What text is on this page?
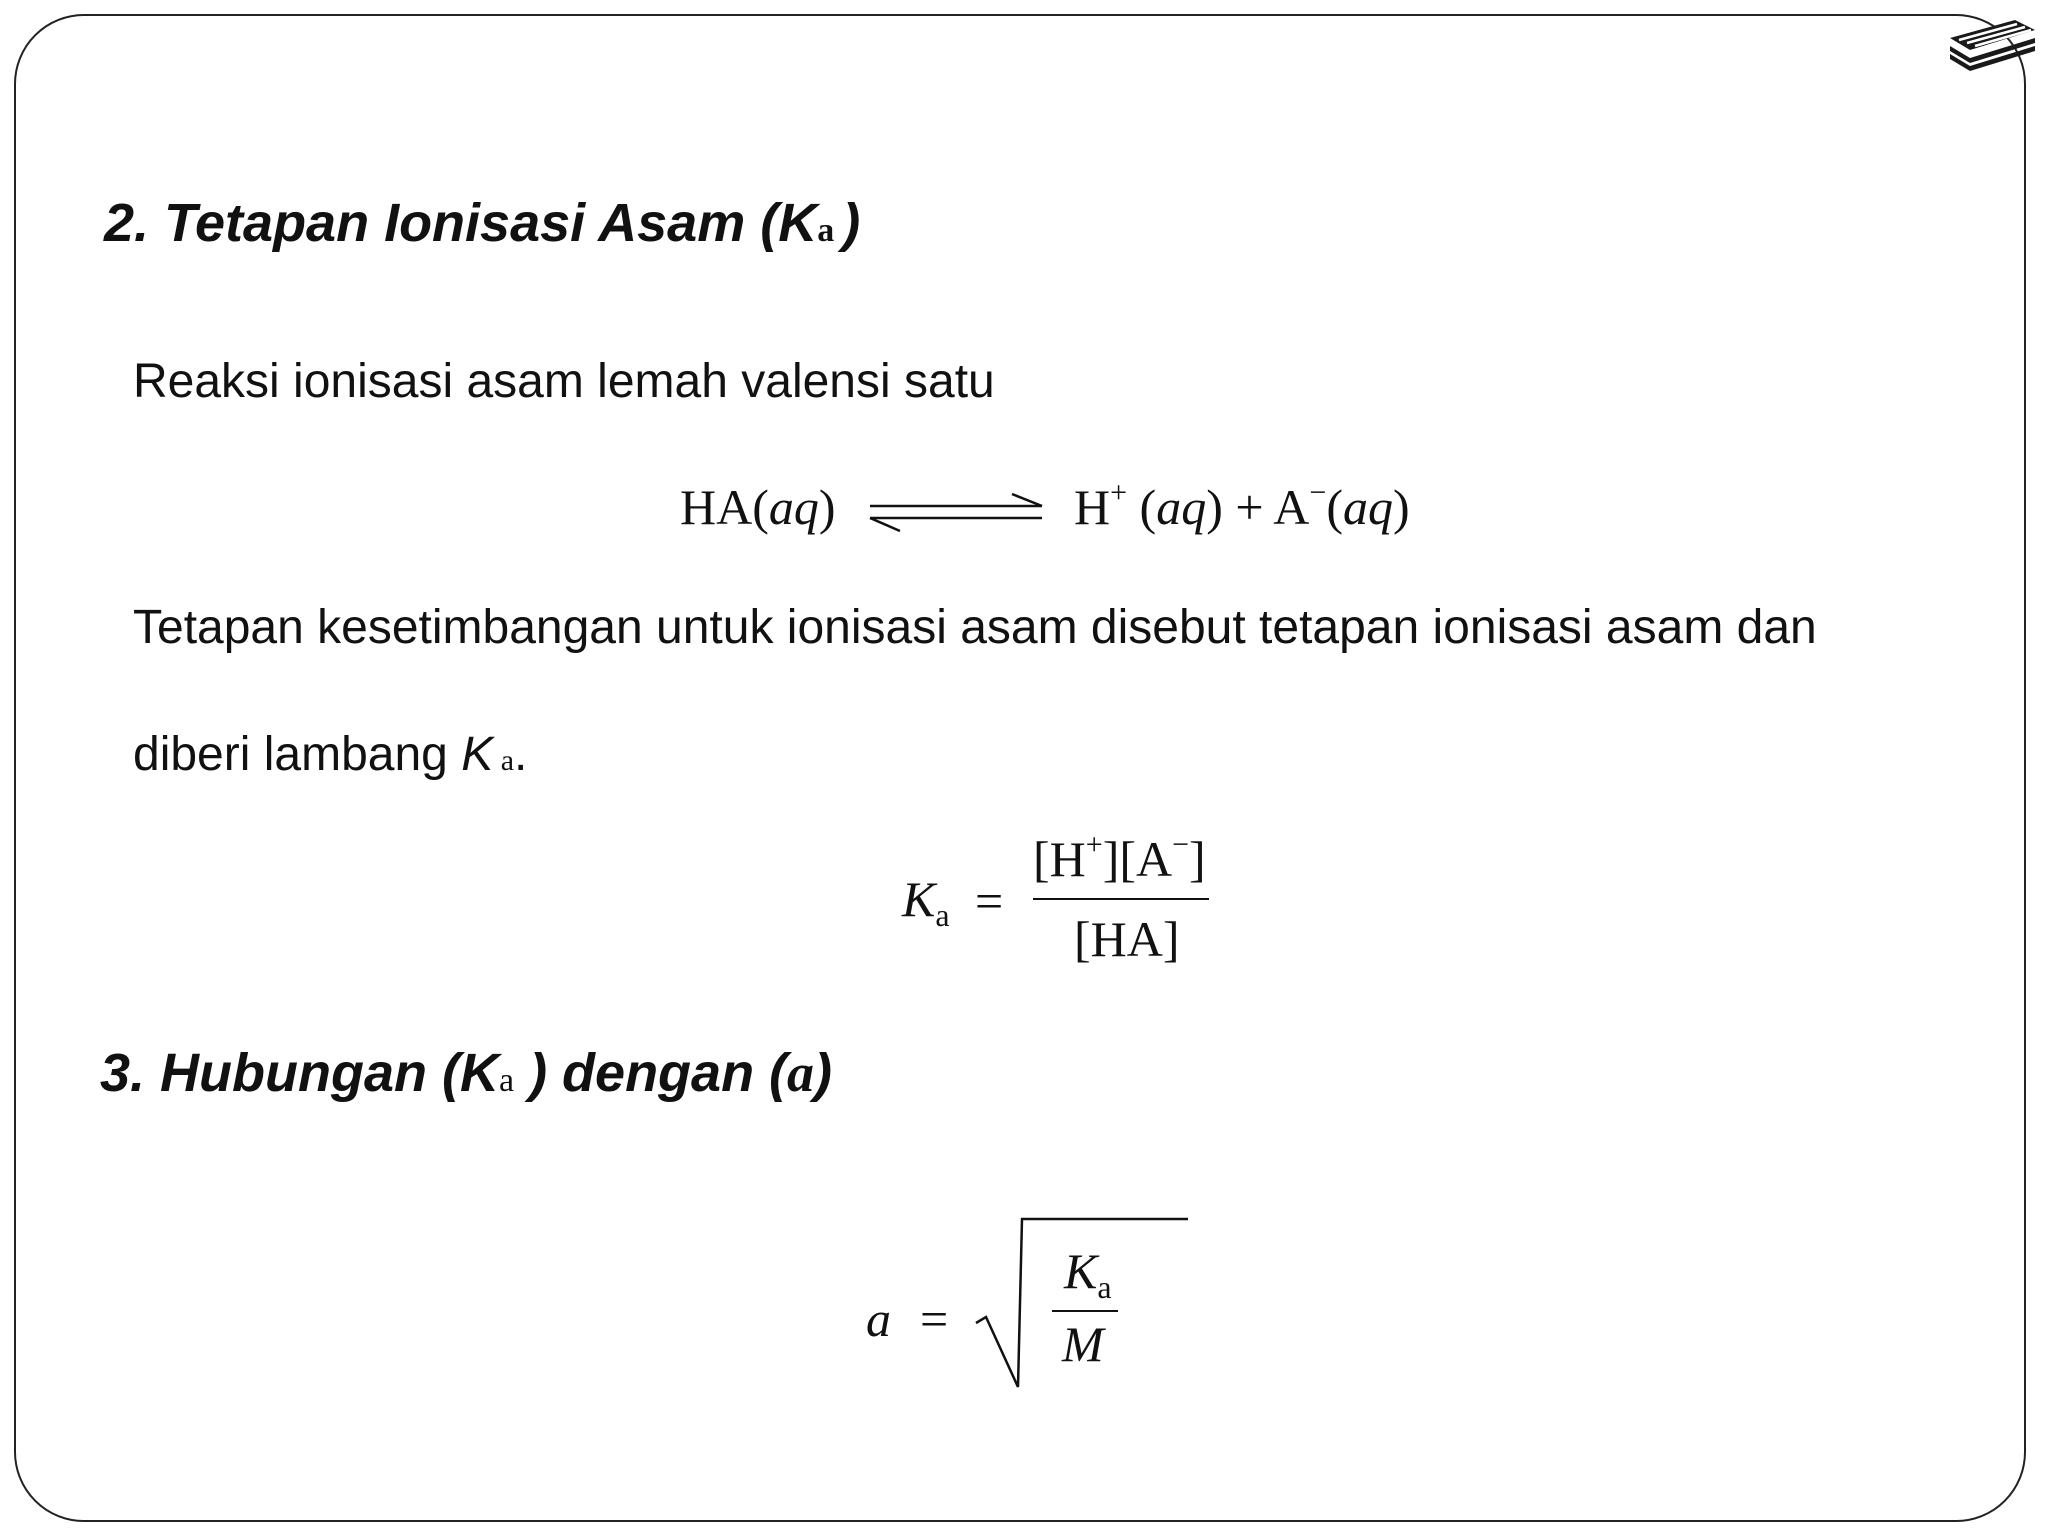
2. Tetapan Ionisasi Asam (Ka )
Reaksi ionisasi asam lemah valensi satu
HA(aq)	H+ (aq) + A−(aq)
Tetapan kesetimbangan untuk ionisasi asam disebut tetapan ionisasi asam dan
diberi lambang K a.
$K_a$ =
[H+][A−]
[HA]
3. Hubungan (Ka ) dengan (a)
a =
$K_a$
M
